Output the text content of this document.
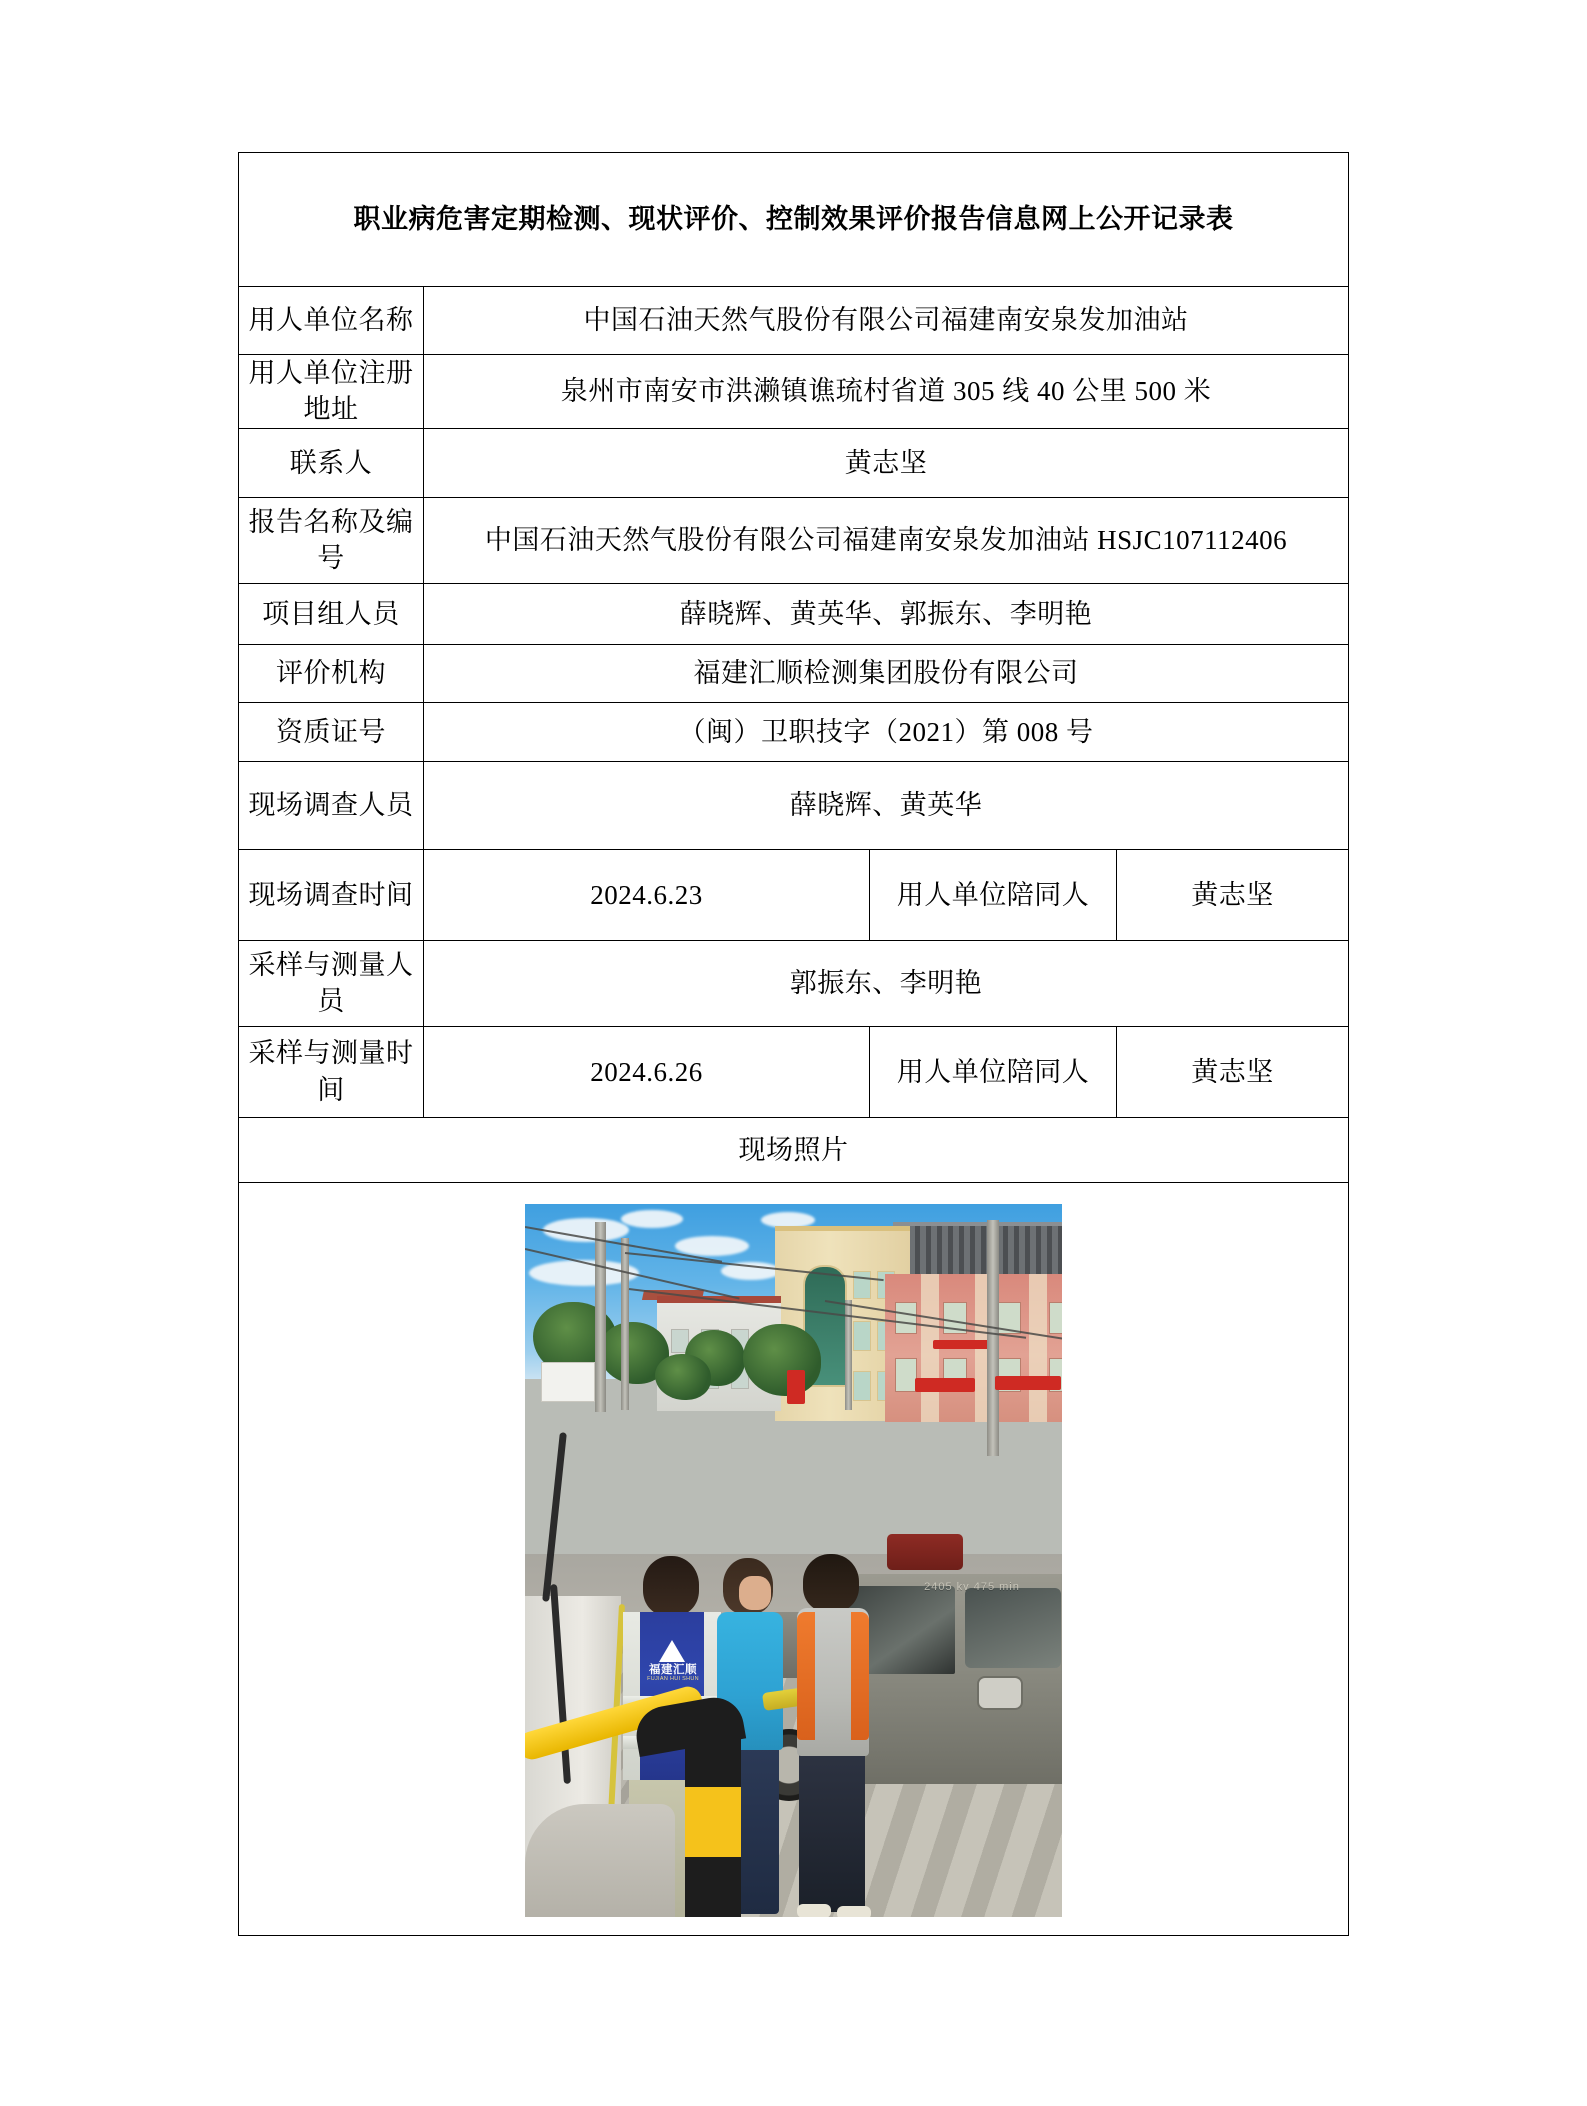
职业病危害定期检测、现状评价、控制效果评价报告信息网上公开记录表			
用人单位名称	中国石油天然气股份有限公司福建南安泉发加油站		
用人单位注册地址	泉州市南安市洪濑镇谯琉村省道 305 线 40 公里 500 米		
联系人	黄志坚		
报告名称及编号	中国石油天然气股份有限公司福建南安泉发加油站 HSJC107112406		
项目组人员	薛晓辉、黄英华、郭振东、李明艳		
评价机构	福建汇顺检测集团股份有限公司		
资质证号	（闽）卫职技字（2021）第 008 号		
现场调查人员	薛晓辉、黄英华		
现场调查时间	2024.6.23	用人单位陪同人	黄志坚
采样与测量人员	郭振东、李明艳		
采样与测量时间	2024.6.26	用人单位陪同人	黄志坚
现场照片			

2405 kv 475 min
福建汇顺
FUJIAN HUI SHUN			
